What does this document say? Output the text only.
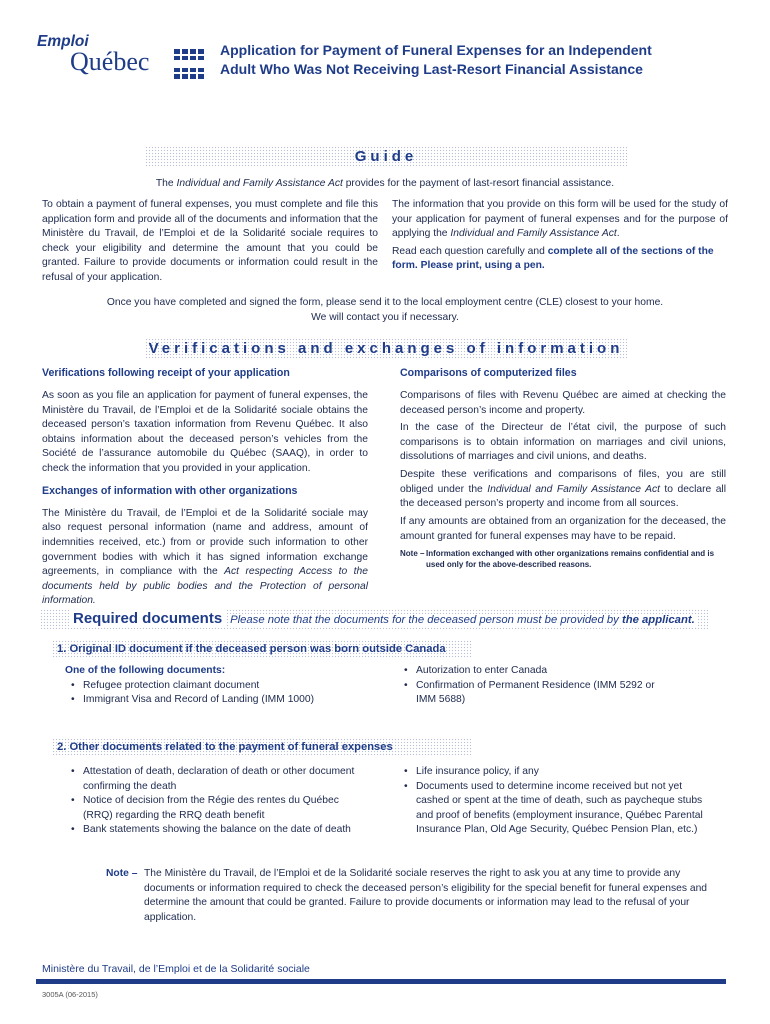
Emploi
Québec	Application for Payment of Funeral Expenses for an Independent
Adult Who Was Not Receiving Last-Resort Financial Assistance
Guide
The Individual and Family Assistance Act provides for the payment of last-resort financial assistance.
To obtain a payment of funeral expenses, you must complete and file this application form and provide all of the documents and information that the Ministère du Travail, de l’Emploi et de la Solidarité sociale requires to check your eligibility and determine the amount that you could be granted. Failure to provide documents or information could result in the refusal of your application.

The information that you provide on this form will be used for the study of your application for payment of funeral expenses and for the purpose of applying the Individual and Family Assistance Act.

Read each question carefully and complete all of the sections of the form. Please print, using a pen.

Once you have completed and signed the form, please send it to the local employment centre (CLE) closest to your home.
We will contact you if necessary.
Verifications and exchanges of information
Verifications following receipt of your application

As soon as you file an application for payment of funeral expenses, the Ministère du Travail, de l’Emploi et de la Solidarité sociale obtains the deceased person’s taxation information from Revenu Québec. It also obtains information about the deceased person’s vehicles from the Société de l’assurance automobile du Québec (SAAQ), in order to check the information that you provided in your application.

Exchanges of information with other organizations

The Ministère du Travail, de l’Emploi et de la Solidarité sociale may also request personal information (name and address, amount of indemnities received, etc.) from or provide such information to other government bodies with which it has signed information exchange agreements, in compliance with the Act respecting Access to the documents held by public bodies and the Protection of personal information.

Comparisons of computerized files

Comparisons of files with Revenu Québec are aimed at checking the deceased person’s income and property.

In the case of the Directeur de l’état civil, the purpose of such comparisons is to obtain information on marriages and civil unions, dissolutions of marriages and civil unions, and deaths.

Despite these verifications and comparisons of files, you are still obliged under the Individual and Family Assistance Act to declare all the deceased person’s property and income from all sources.

If any amounts are obtained from an organization for the deceased, the amount granted for funeral expenses may have to be repaid.

Note – Information exchanged with other organizations remains confidential and is used only for the above-described reasons.
Required documents Please note that the documents for the deceased person must be provided by the applicant.
1. Original ID document if the deceased person was born outside Canada
One of the following documents:
• Refugee protection claimant document
• Immigrant Visa and Record of Landing (IMM 1000)
• Autorization to enter Canada
• Confirmation of Permanent Residence (IMM 5292 or IMM 5688)
2. Other documents related to the payment of funeral expenses
• Attestation of death, declaration of death or other document confirming the death
• Notice of decision from the Régie des rentes du Québec (RRQ) regarding the RRQ death benefit
• Bank statements showing the balance on the date of death
• Life insurance policy, if any
• Documents used to determine income received but not yet cashed or spent at the time of death, such as paycheque stubs and proof of benefits (employment insurance, Québec Parental Insurance Plan, Old Age Security, Québec Pension Plan, etc.)
Note – The Ministère du Travail, de l’Emploi et de la Solidarité sociale reserves the right to ask you at any time to provide any documents or information required to check the deceased person’s eligibility for the special benefit for funeral expenses and determine the amount that could be granted. Failure to provide documents or information may lead to the refusal of your application.
Ministère du Travail, de l’Emploi et de la Solidarité sociale
3005A (06-2015)
